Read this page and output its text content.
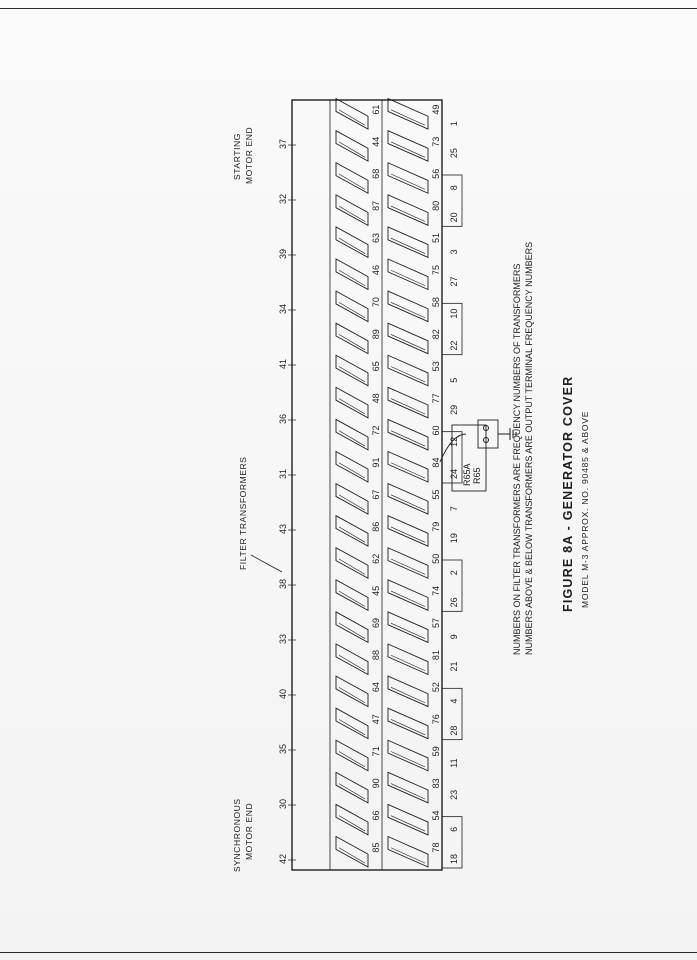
85
66
90
71
47
64
88
69
45
62
86
67
91
72
48
65
89
70
46
63
87
68
44
61
78
54
83
59
76
52
81
57
74
50
79
55
84
60
77
53
82
58
75
51
80
56
73
49
42
30
35
40
33
38
43
31
36
41
34
39
32
37
18
6
23
11
28
4
21
9
26
2
19
7
24
12
29
5
22
10
27
3
20
8
25
1
SYNCHRONOUS MOTOR END
STARTING MOTOR END
FILTER TRANSFORMERS	R65A R65	NUMBERS ON FILTER TRANSFORMERS ARE FREQUENCY NUMBERS OF TRANSFORMERS NUMBERS ABOVE & BELOW TRANSFORMERS ARE OUTPUT TERMINAL FREQUENCY NUMBERS FIGURE 8A - GENERATOR COVER MODEL M-3 APPROX. NO. 90485 & ABOVE
